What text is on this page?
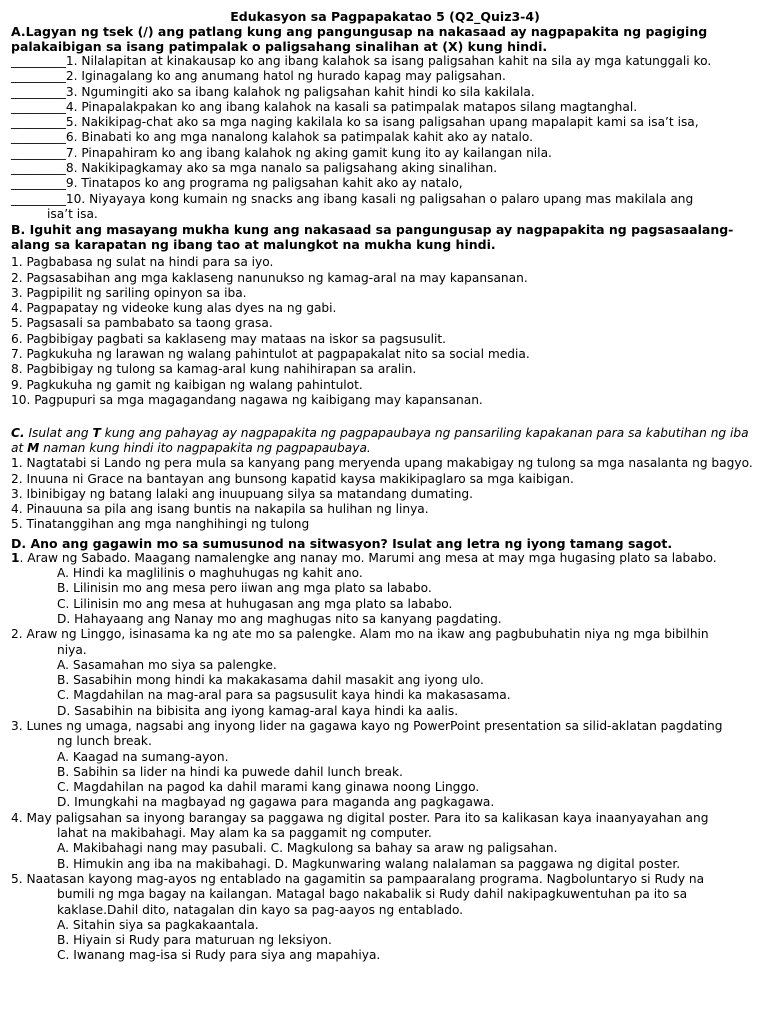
Edukasyon sa Pagpapakatao 5 (Q2_Quiz3-4)

A.Lagyan ng tsek (/) ang patlang kung ang pangungusap na nakasaad ay nagpapakita ng pagiging palakaibigan sa isang patimpalak o paligsahang sinalihan at (X) kung hindi.

_________1. Nilalapitan at kinakausap ko ang ibang kalahok sa isang paligsahan kahit na sila ay mga katunggali ko.

_________2. Iginagalang ko ang anumang hatol ng hurado kapag may paligsahan.

_________3. Ngumingiti ako sa ibang kalahok ng paligsahan kahit hindi ko sila kakilala.

_________4. Pinapalakpakan ko ang ibang kalahok na kasali sa patimpalak matapos silang magtanghal.

_________5. Nakikipag-chat ako sa mga naging kakilala ko sa isang paligsahan upang mapalapit kami sa isa’t isa,

_________6. Binabati ko ang mga nanalong kalahok sa patimpalak kahit ako ay natalo.

_________7. Pinapahiram ko ang ibang kalahok ng aking gamit kung ito ay kailangan nila.

_________8. Nakikipagkamay ako sa mga nanalo sa paligsahang aking sinalihan.

_________9. Tinatapos ko ang programa ng paligsahan kahit ako ay natalo,

_________10. Niyayaya kong kumain ng snacks ang ibang kasali ng paligsahan o palaro upang mas makilala ang

isa’t isa.

B. Iguhit ang masayang mukha kung ang nakasaad sa pangungusap ay nagpapakita ng pagsasaalang-alang sa karapatan ng ibang tao at malungkot na mukha kung hindi.

1. Pagbabasa ng sulat na hindi para sa iyo.

2. Pagsasabihan ang mga kaklaseng nanunukso ng kamag-aral na may kapansanan.

3. Pagpipilit ng sariling opinyon sa iba.

4. Pagpapatay ng videoke kung alas dyes na ng gabi.

5. Pagsasali sa pambabato sa taong grasa.

6. Pagbibigay pagbati sa kaklaseng may mataas na iskor sa pagsusulit.

7. Pagkukuha ng larawan ng walang pahintulot at pagpapakalat nito sa social media.

8. Pagbibigay ng tulong sa kamag-aral kung nahihirapan sa aralin.

9. Pagkukuha ng gamit ng kaibigan ng walang pahintulot.

10. Pagpupuri sa mga magagandang nagawa ng kaibigang may kapansanan.

C. Isulat ang T kung ang pahayag ay nagpapakita ng pagpapaubaya ng pansariling kapakanan para sa kabutihan ng iba at M naman kung hindi ito nagpapakita ng pagpapaubaya.

1. Nagtatabi si Lando ng pera mula sa kanyang pang meryenda upang makabigay ng tulong sa mga nasalanta ng bagyo.

2. Inuuna ni Grace na bantayan ang bunsong kapatid kaysa makikipaglaro sa mga kaibigan.

3. Ibinibigay ng batang lalaki ang inuupuang silya sa matandang dumating.

4. Pinauuna sa pila ang isang buntis na nakapila sa hulihan ng linya.

5. Tinatanggihan ang mga nanghihingi ng tulong

D. Ano ang gagawin mo sa sumusunod na sitwasyon? Isulat ang letra ng iyong tamang sagot.

1. Araw ng Sabado. Maagang namalengke ang nanay mo. Marumi ang mesa at may mga hugasing plato sa lababo.

A. Hindi ka maglilinis o maghuhugas ng kahit ano.

B. Lilinisin mo ang mesa pero iiwan ang mga plato sa lababo.

C. Lilinisin mo ang mesa at huhugasan ang mga plato sa lababo.

D. Hahayaang ang Nanay mo ang maghugas nito sa kanyang pagdating.

2. Araw ng Linggo, isinasama ka ng ate mo sa palengke. Alam mo na ikaw ang pagbubuhatin niya ng mga bibilhin

niya.

A. Sasamahan mo siya sa palengke.

B. Sasabihin mong hindi ka makakasama dahil masakit ang iyong ulo.

C. Magdahilan na mag-aral para sa pagsusulit kaya hindi ka makasasama.

D. Sasabihin na bibisita ang iyong kamag-aral kaya hindi ka aalis.

3. Lunes ng umaga, nagsabi ang inyong lider na gagawa kayo ng PowerPoint presentation sa silid-aklatan pagdating

ng lunch break.

A. Kaagad na sumang-ayon.

B. Sabihin sa lider na hindi ka puwede dahil lunch break.

C. Magdahilan na pagod ka dahil marami kang ginawa noong Linggo.

D. Imungkahi na magbayad ng gagawa para maganda ang pagkagawa.

4. May paligsahan sa inyong barangay sa paggawa ng digital poster. Para ito sa kalikasan kaya inaanyayahan ang

lahat na makibahagi. May alam ka sa paggamit ng computer.

A. Makibahagi nang may pasubali. C. Magkulong sa bahay sa araw ng paligsahan.

B. Himukin ang iba na makibahagi. D. Magkunwaring walang nalalaman sa paggawa ng digital poster.

5. Naatasan kayong mag-ayos ng entablado na gagamitin sa pampaaralang programa. Nagboluntaryo si Rudy na

bumili ng mga bagay na kailangan. Matagal bago nakabalik si Rudy dahil nakipagkuwentuhan pa ito sa kaklase.Dahil dito, natagalan din kayo sa pag-aayos ng entablado.

A. Sitahin siya sa pagkakaantala.

B. Hiyain si Rudy para maturuan ng leksiyon.

C. Iwanang mag-isa si Rudy para siya ang mapahiya.
